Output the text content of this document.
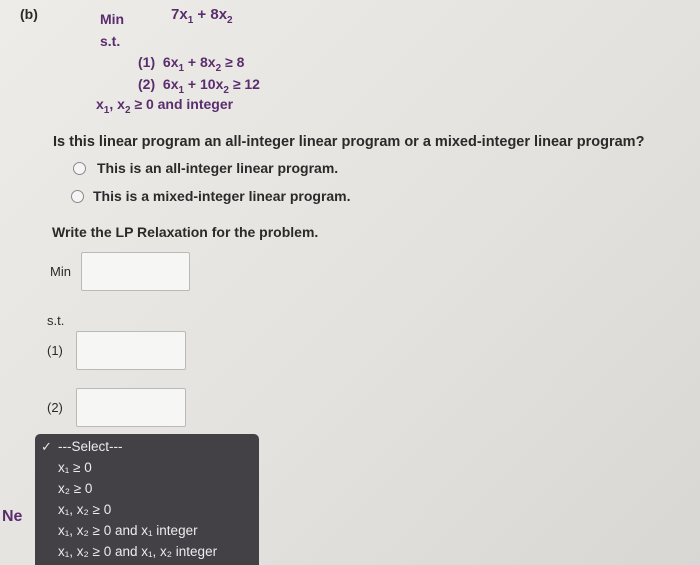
(b)	Min	$7x_1 + 8x_2$
s.t.
(1) $6x_1 + 8x_2 \ge 8$
(2) $6x_1 + 10x_2 \ge 12$
$x_1$, $x_2 \ge 0$ and integer
Is this linear program an all-integer linear program or a mixed-integer linear program?
This is an all-integer linear program.
This is a mixed-integer linear program.
Write the LP Relaxation for the problem.
Min
s.t.
(1)
(2)
Ne
✓ ---Select---
x₁ ≥ 0
x₂ ≥ 0
x₁, x₂ ≥ 0
x₁, x₂ ≥ 0 and x₁ integer
x₁, x₂ ≥ 0 and x₁, x₂ integer
